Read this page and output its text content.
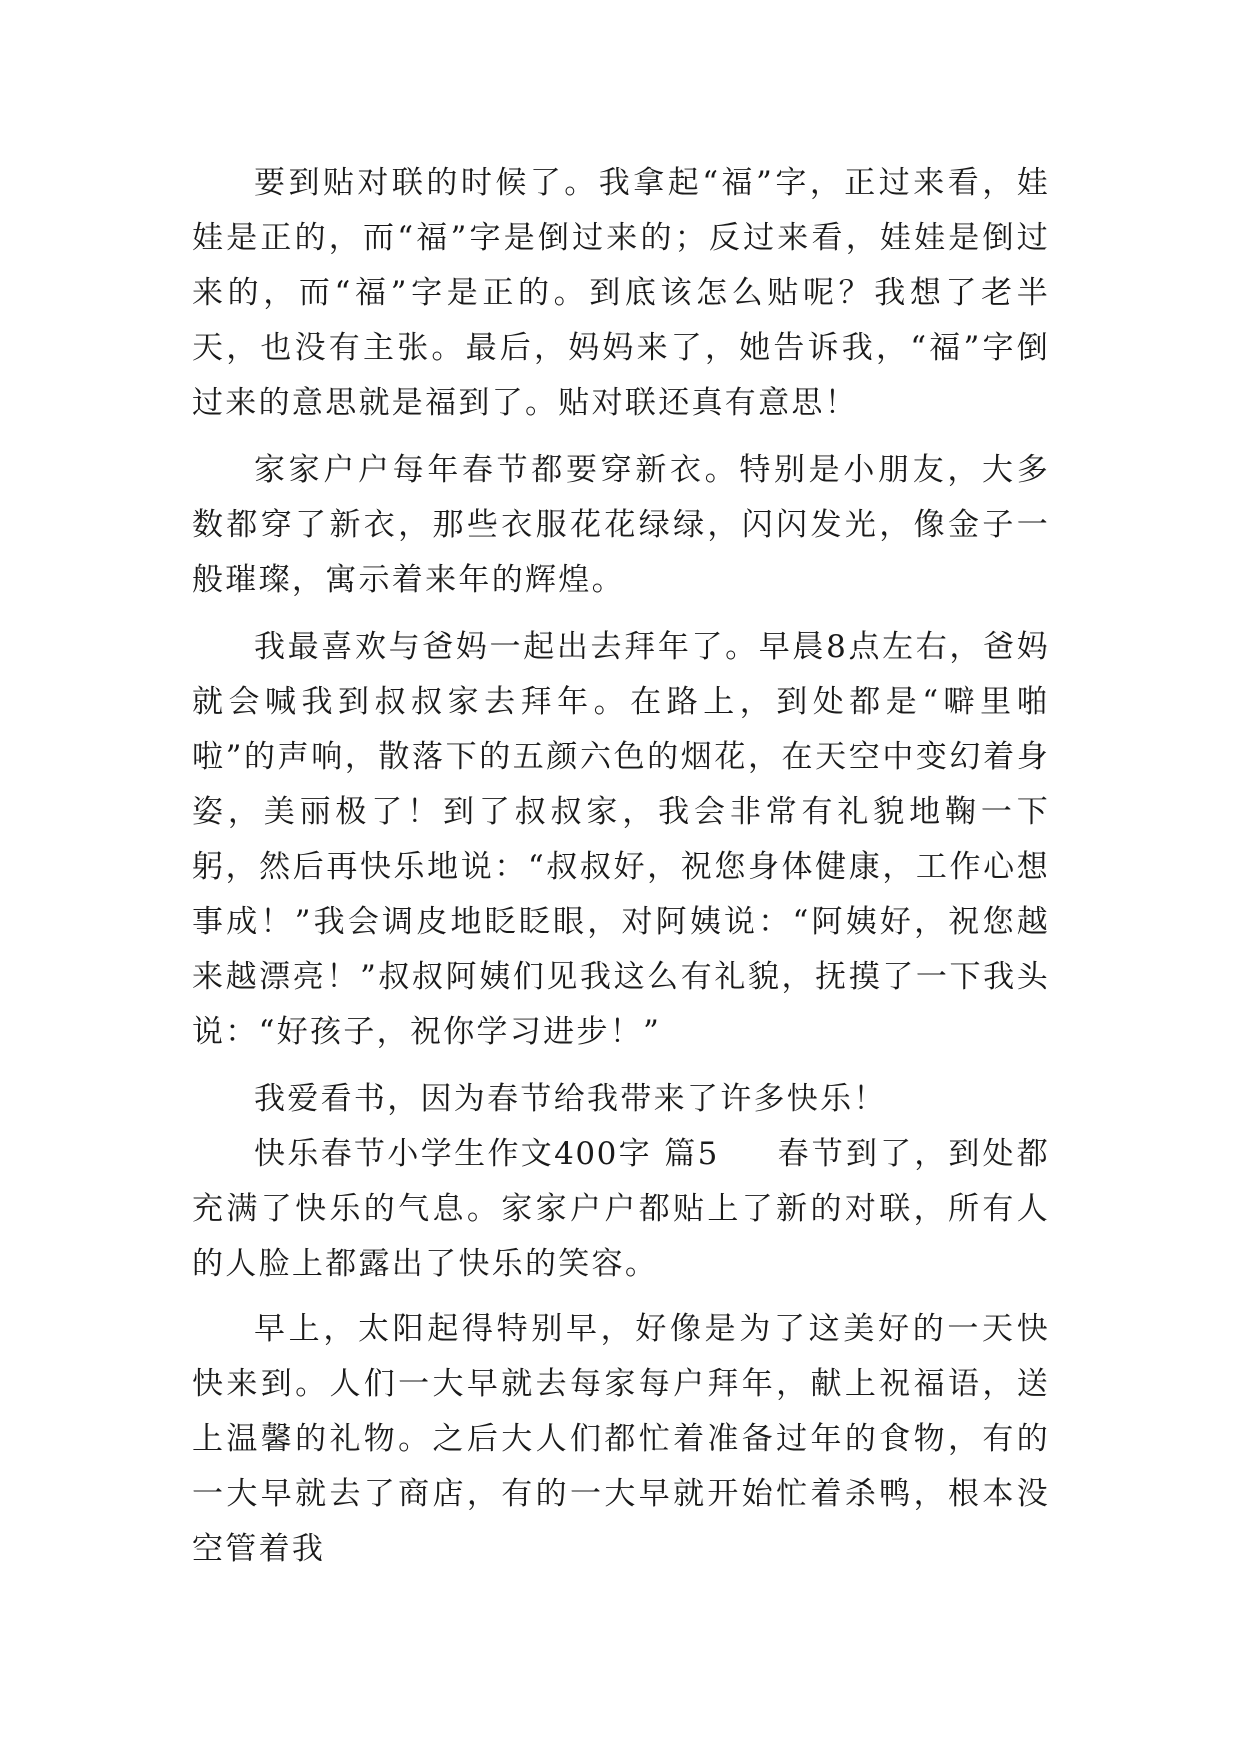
要到贴对联的时候了。我拿起“福”字，正过来看，娃娃是正的，而“福”字是倒过来的；反过来看，娃娃是倒过来的，而“福”字是正的。到底该怎么贴呢？我想了老半天，也没有主张。最后，妈妈来了，她告诉我，“福”字倒过来的意思就是福到了。贴对联还真有意思！

家家户户每年春节都要穿新衣。特别是小朋友，大多数都穿了新衣，那些衣服花花绿绿，闪闪发光，像金子一般璀璨，寓示着来年的辉煌。

我最喜欢与爸妈一起出去拜年了。早晨8点左右，爸妈就会喊我到叔叔家去拜年。在路上，到处都是“噼里啪啦”的声响，散落下的五颜六色的烟花，在天空中变幻着身姿，美丽极了！到了叔叔家，我会非常有礼貌地鞠一下躬，然后再快乐地说：“叔叔好，祝您身体健康，工作心想事成！”我会调皮地眨眨眼，对阿姨说：“阿姨好，祝您越来越漂亮！”叔叔阿姨们见我这么有礼貌，抚摸了一下我头说：“好孩子，祝你学习进步！”

我爱看书，因为春节给我带来了许多快乐！

快乐春节小学生作文400字 篇5 春节到了，到处都充满了快乐的气息。家家户户都贴上了新的对联，所有人的人脸上都露出了快乐的笑容。

早上，太阳起得特别早，好像是为了这美好的一天快快来到。人们一大早就去每家每户拜年，献上祝福语，送上温馨的礼物。之后大人们都忙着准备过年的食物，有的一大早就去了商店，有的一大早就开始忙着杀鸭，根本没空管着我
